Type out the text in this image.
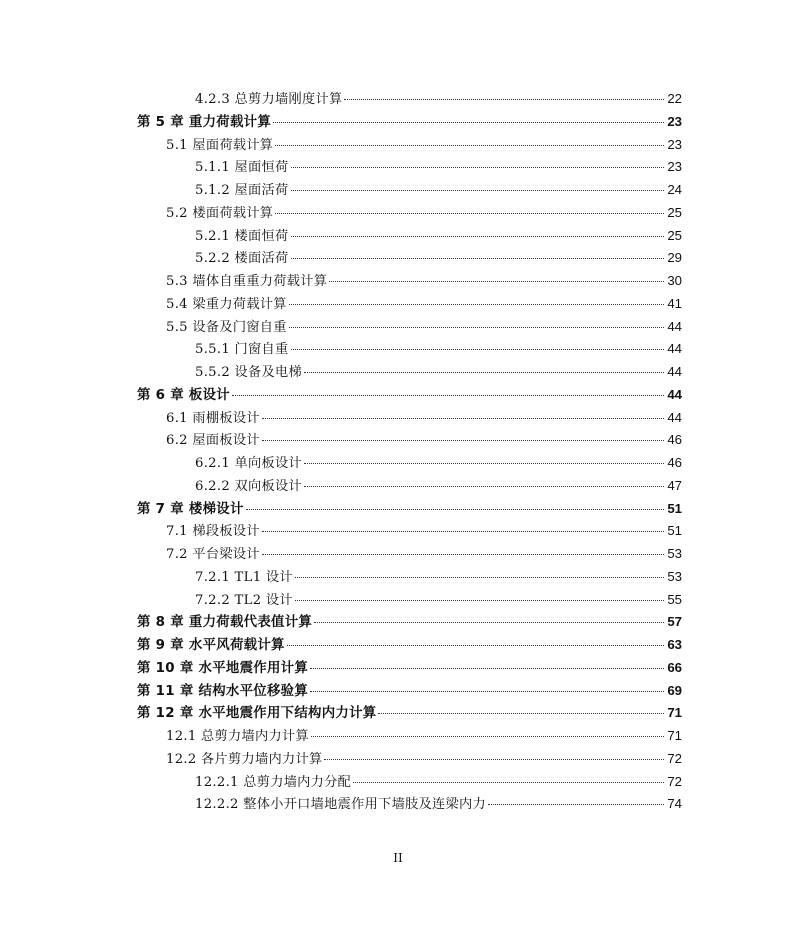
4.2.3 总剪力墙刚度计算	22
第 5 章 重力荷载计算	23
5.1 屋面荷载计算	23
5.1.1 屋面恒荷	23
5.1.2 屋面活荷	24
5.2 楼面荷载计算	25
5.2.1 楼面恒荷	25
5.2.2 楼面活荷	29
5.3 墙体自重重力荷载计算	30
5.4 梁重力荷载计算	41
5.5 设备及门窗自重	44
5.5.1 门窗自重	44
5.5.2 设备及电梯	44
第 6 章 板设计	44
6.1 雨棚板设计	44
6.2 屋面板设计	46
6.2.1 单向板设计	46
6.2.2 双向板设计	47
第 7 章 楼梯设计	51
7.1 梯段板设计	51
7.2 平台梁设计	53
7.2.1 TL1 设计	53
7.2.2 TL2 设计	55
第 8 章 重力荷载代表值计算	57
第 9 章 水平风荷载计算	63
第 10 章 水平地震作用计算	66
第 11 章 结构水平位移验算	69
第 12 章 水平地震作用下结构内力计算	71
12.1 总剪力墙内力计算	71
12.2 各片剪力墙内力计算	72
12.2.1 总剪力墙内力分配	72
12.2.2 整体小开口墙地震作用下墙肢及连梁内力	74
II
